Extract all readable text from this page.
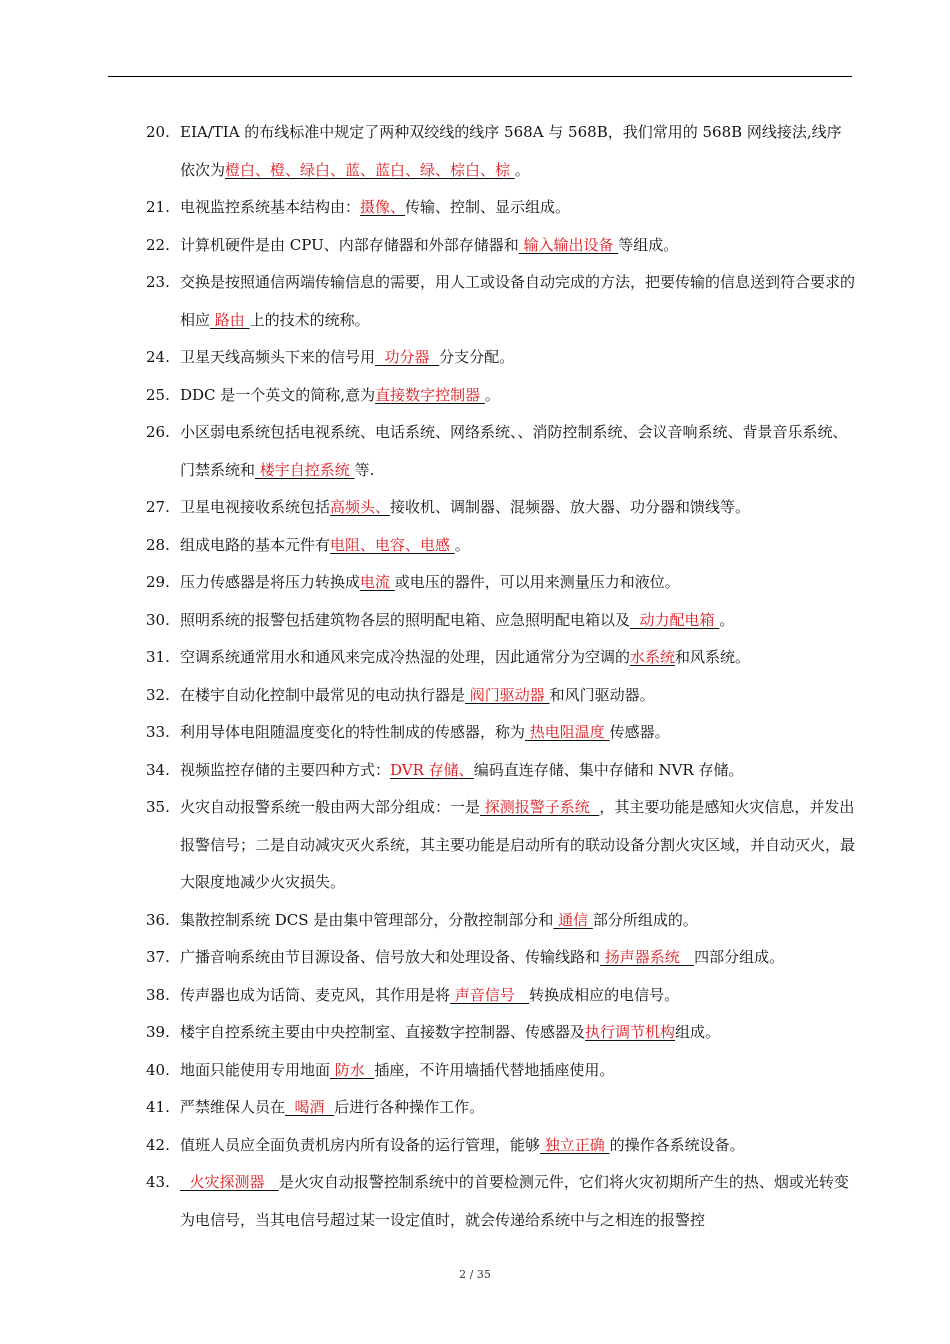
20. EIA/TIA 的布线标准中规定了两种双绞线的线序 568A 与 568B，我们常用的 568B 网线接法,线序依次为橙白、橙、绿白、蓝、蓝白、绿、棕白、棕 。
21. 电视监控系统基本结构由：摄像、传输、控制、显示组成。
22. 计算机硬件是由 CPU、内部存储器和外部存储器和 输入输出设备 等组成。
23. 交换是按照通信两端传输信息的需要，用人工或设备自动完成的方法，把要传输的信息送到符合要求的相应 路由 上的技术的统称。
24. 卫星天线高频头下来的信号用  功分器  分支分配。
25. DDC 是一个英文的简称,意为直接数字控制器 。
26. 小区弱电系统包括电视系统、电话系统、网络系统、、消防控制系统、会议音响系统、背景音乐系统、门禁系统和 楼宇自控系统 等.
27. 卫星电视接收系统包括高频头、接收机、调制器、混频器、放大器、功分器和馈线等。
28. 组成电路的基本元件有电阻、电容、电感 。
29. 压力传感器是将压力转换成电流 或电压的器件，可以用来测量压力和液位。
30. 照明系统的报警包括建筑物各层的照明配电箱、应急照明配电箱以及  动力配电箱 。
31. 空调系统通常用水和通风来完成冷热湿的处理，因此通常分为空调的水系统和风系统。
32. 在楼宇自动化控制中最常见的电动执行器是 阀门驱动器 和风门驱动器。
33. 利用导体电阻随温度变化的特性制成的传感器，称为 热电阻温度 传感器。
34. 视频监控存储的主要四种方式：DVR 存储、编码直连存储、集中存储和 NVR 存储。
35. 火灾自动报警系统一般由两大部分组成：一是 探测报警子系统  ，其主要功能是感知火灾信息，并发出报警信号；二是自动减灾灭火系统，其主要功能是启动所有的联动设备分割火灾区域，并自动灭火，最大限度地减少火灾损失。
36. 集散控制系统 DCS 是由集中管理部分，分散控制部分和 通信 部分所组成的。
37. 广播音响系统由节目源设备、信号放大和处理设备、传输线路和 扬声器系统   四部分组成。
38. 传声器也成为话筒、麦克风，其作用是将 声音信号   转换成相应的电信号。
39. 楼宇自控系统主要由中央控制室、直接数字控制器、传感器及执行调节机构组成。
40. 地面只能使用专用地面 防水  插座，不许用墙插代替地插座使用。
41. 严禁维保人员在  喝酒  后进行各种操作工作。
42. 值班人员应全面负责机房内所有设备的运行管理，能够 独立正确 的操作各系统设备。
43. 火灾探测器   是火灾自动报警控制系统中的首要检测元件，它们将火灾初期所产生的热、烟或光转变为电信号，当其电信号超过某一设定值时，就会传递给系统中与之相连的报警控
2 / 35
